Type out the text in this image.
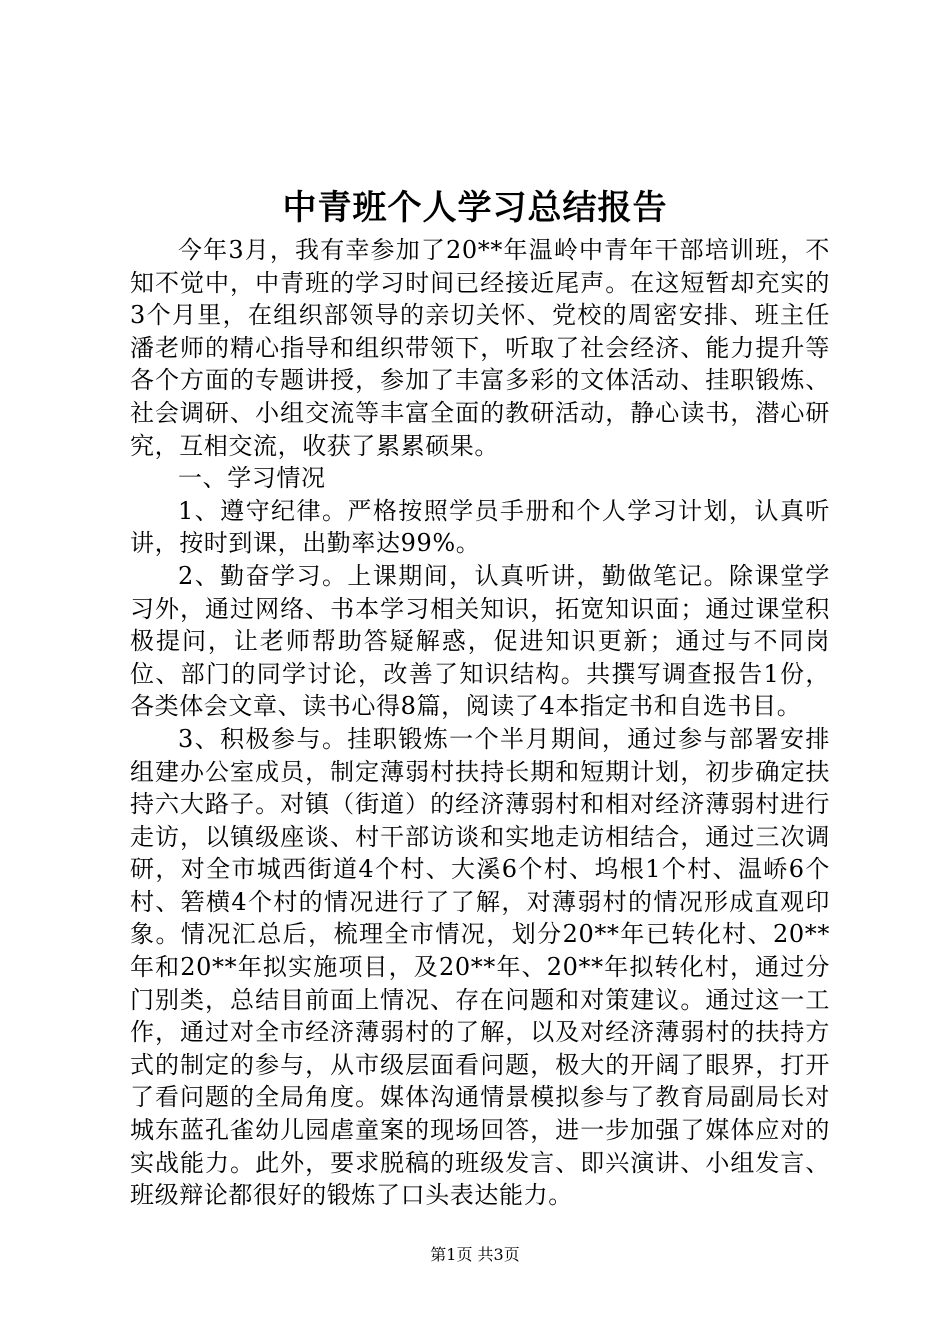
中青班个人学习总结报告

今年3月，我有幸参加了20**年温岭中青年干部培训班，不知不觉中，中青班的学习时间已经接近尾声。在这短暂却充实的3个月里，在组织部领导的亲切关怀、党校的周密安排、班主任潘老师的精心指导和组织带领下，听取了社会经济、能力提升等各个方面的专题讲授，参加了丰富多彩的文体活动、挂职锻炼、社会调研、小组交流等丰富全面的教研活动，静心读书，潜心研究，互相交流，收获了累累硕果。

一、学习情况

1、遵守纪律。严格按照学员手册和个人学习计划，认真听讲，按时到课，出勤率达99%。

2、勤奋学习。上课期间，认真听讲，勤做笔记。除课堂学习外，通过网络、书本学习相关知识，拓宽知识面；通过课堂积极提问，让老师帮助答疑解惑，促进知识更新；通过与不同岗位、部门的同学讨论，改善了知识结构。共撰写调查报告1份，各类体会文章、读书心得8篇，阅读了4本指定书和自选书目。

3、积极参与。挂职锻炼一个半月期间，通过参与部署安排组建办公室成员，制定薄弱村扶持长期和短期计划，初步确定扶持六大路子。对镇（街道）的经济薄弱村和相对经济薄弱村进行走访，以镇级座谈、村干部访谈和实地走访相结合，通过三次调研，对全市城西街道4个村、大溪6个村、坞根1个村、温峤6个村、箬横4个村的情况进行了了解，对薄弱村的情况形成直观印象。情况汇总后，梳理全市情况，划分20**年已转化村、20**年和20**年拟实施项目，及20**年、20**年拟转化村，通过分门别类，总结目前面上情况、存在问题和对策建议。通过这一工作，通过对全市经济薄弱村的了解，以及对经济薄弱村的扶持方式的制定的参与，从市级层面看问题，极大的开阔了眼界，打开了看问题的全局角度。媒体沟通情景模拟参与了教育局副局长对城东蓝孔雀幼儿园虐童案的现场回答，进一步加强了媒体应对的实战能力。此外，要求脱稿的班级发言、即兴演讲、小组发言、班级辩论都很好的锻炼了口头表达能力。

第1页 共3页
